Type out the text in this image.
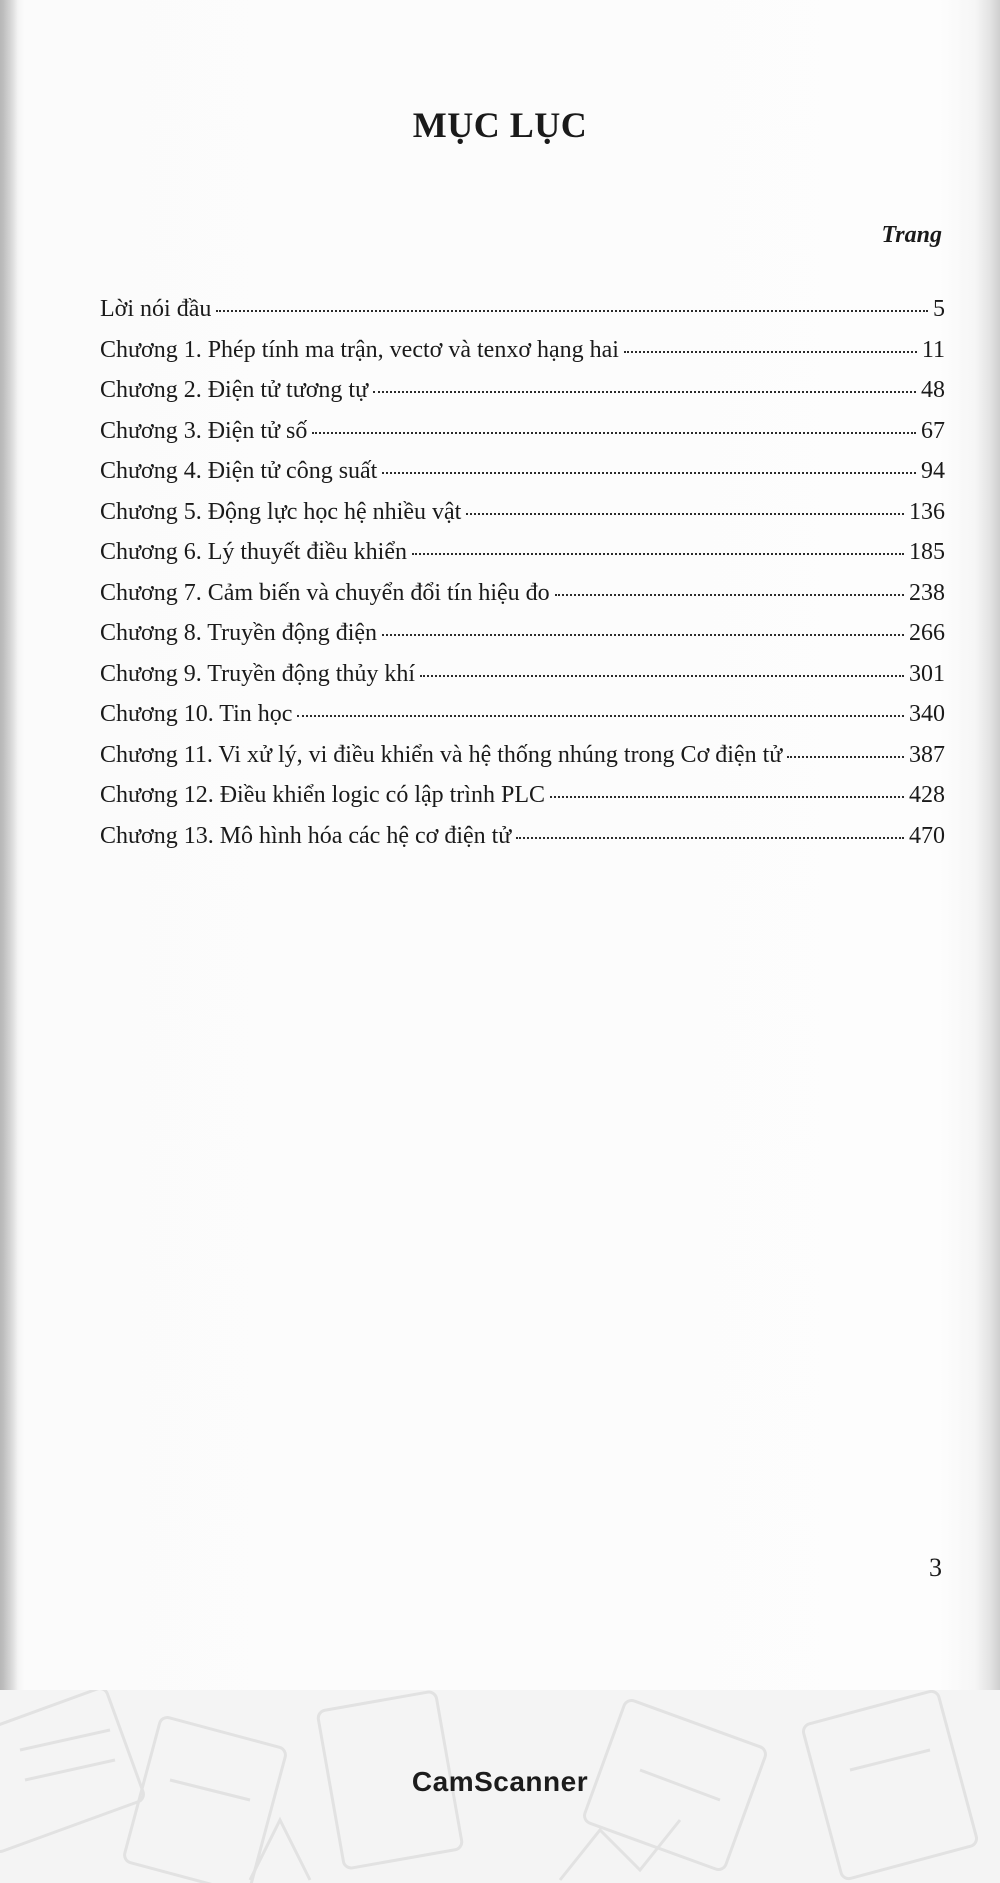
MỤC LỤC
Trang
Lời nói đầu	5
Chương 1. Phép tính ma trận, vectơ và tenxơ hạng hai	11
Chương 2. Điện tử tương tự	48
Chương 3. Điện tử số	67
Chương 4. Điện tử công suất	94
Chương 5. Động lực học hệ nhiều vật	136
Chương 6. Lý thuyết điều khiển	185
Chương 7. Cảm biến và chuyển đổi tín hiệu đo	238
Chương 8. Truyền động điện	266
Chương 9. Truyền động thủy khí	301
Chương 10. Tin học	340
Chương 11. Vi xử lý, vi điều khiển và hệ thống nhúng trong Cơ điện tử	387
Chương 12. Điều khiển logic có lập trình PLC	428
Chương 13. Mô hình hóa các hệ cơ điện tử	470
3
CamScanner
